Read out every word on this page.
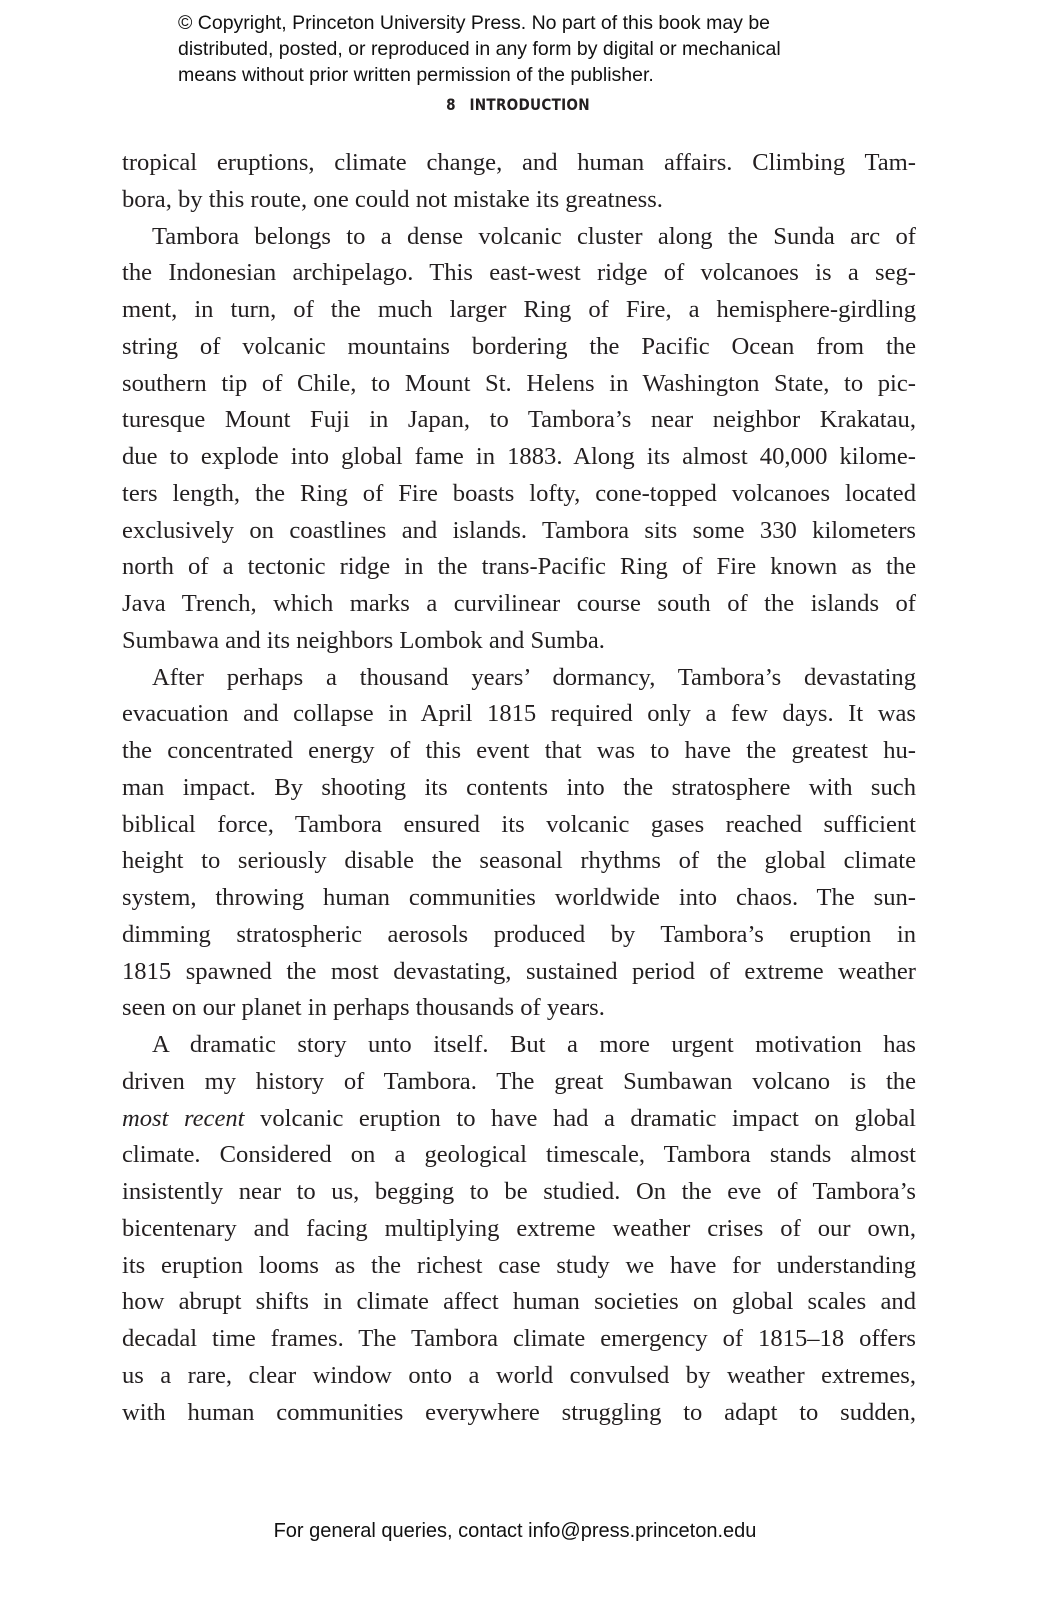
© Copyright, Princeton University Press. No part of this book may be
distributed, posted, or reproduced in any form by digital or mechanical
means without prior written permission of the publisher.
8 INTRODUCTION
tropical eruptions, climate change, and human affairs. Climbing Tam-
bora, by this route, one could not mistake its greatness.
Tambora belongs to a dense volcanic cluster along the Sunda arc of
the Indonesian archipelago. This east-west ridge of volcanoes is a seg-
ment, in turn, of the much larger Ring of Fire, a hemisphere-girdling
string of volcanic mountains bordering the Pacific Ocean from the
southern tip of Chile, to Mount St. Helens in Washington State, to pic-
turesque Mount Fuji in Japan, to Tambora’s near neighbor Krakatau,
due to explode into global fame in 1883. Along its almost 40,000 kilome-
ters length, the Ring of Fire boasts lofty, cone-topped volcanoes located
exclusively on coastlines and islands. Tambora sits some 330 kilometers
north of a tectonic ridge in the trans-Pacific Ring of Fire known as the
Java Trench, which marks a curvilinear course south of the islands of
Sumbawa and its neighbors Lombok and Sumba.
After perhaps a thousand years’ dormancy, Tambora’s devastating
evacuation and collapse in April 1815 required only a few days. It was
the concentrated energy of this event that was to have the greatest hu-
man impact. By shooting its contents into the stratosphere with such
biblical force, Tambora ensured its volcanic gases reached sufficient
height to seriously disable the seasonal rhythms of the global climate
system, throwing human communities worldwide into chaos. The sun-
dimming stratospheric aerosols produced by Tambora’s eruption in
1815 spawned the most devastating, sustained period of extreme weather
seen on our planet in perhaps thousands of years.
A dramatic story unto itself. But a more urgent motivation has
driven my history of Tambora. The great Sumbawan volcano is the
most recent volcanic eruption to have had a dramatic impact on global
climate. Considered on a geological timescale, Tambora stands almost
insistently near to us, begging to be studied. On the eve of Tambora’s
bicentenary and facing multiplying extreme weather crises of our own,
its eruption looms as the richest case study we have for understanding
how abrupt shifts in climate affect human societies on global scales and
decadal time frames. The Tambora climate emergency of 1815–18 offers
us a rare, clear window onto a world convulsed by weather extremes,
with human communities everywhere struggling to adapt to sudden,
For general queries, contact info@press.princeton.edu
